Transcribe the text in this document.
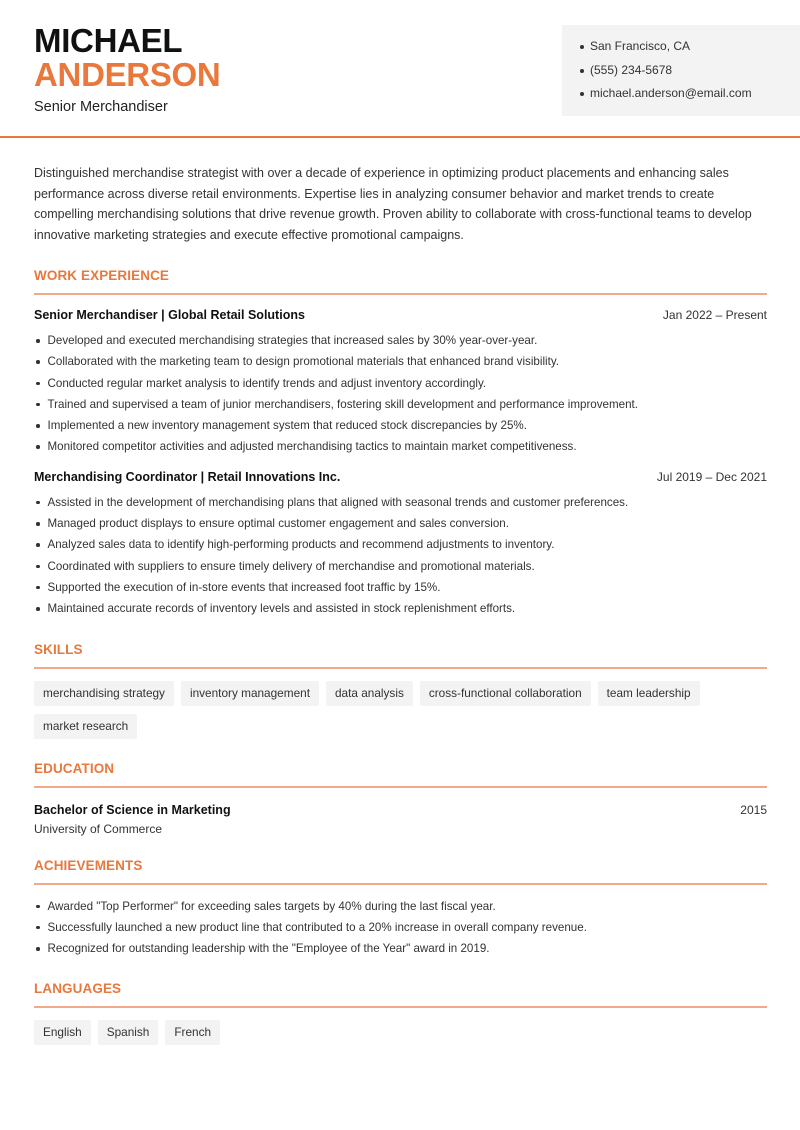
MICHAEL
ANDERSON
Senior Merchandiser
San Francisco, CA
(555) 234-5678
michael.anderson@email.com

Distinguished merchandise strategist with over a decade of experience in optimizing product placements and enhancing sales performance across diverse retail environments. Expertise lies in analyzing consumer behavior and market trends to create compelling merchandising solutions that drive revenue growth. Proven ability to collaborate with cross-functional teams to develop innovative marketing strategies and execute effective promotional campaigns.

WORK EXPERIENCE
Senior Merchandiser | Global Retail Solutions	Jan 2022 – Present
Developed and executed merchandising strategies that increased sales by 30% year-over-year.
Collaborated with the marketing team to design promotional materials that enhanced brand visibility.
Conducted regular market analysis to identify trends and adjust inventory accordingly.
Trained and supervised a team of junior merchandisers, fostering skill development and performance improvement.
Implemented a new inventory management system that reduced stock discrepancies by 25%.
Monitored competitor activities and adjusted merchandising tactics to maintain market competitiveness.
Merchandising Coordinator | Retail Innovations Inc.	Jul 2019 – Dec 2021
Assisted in the development of merchandising plans that aligned with seasonal trends and customer preferences.
Managed product displays to ensure optimal customer engagement and sales conversion.
Analyzed sales data to identify high-performing products and recommend adjustments to inventory.
Coordinated with suppliers to ensure timely delivery of merchandise and promotional materials.
Supported the execution of in-store events that increased foot traffic by 15%.
Maintained accurate records of inventory levels and assisted in stock replenishment efforts.
SKILLS
merchandising strategy	inventory management	data analysis	cross-functional collaboration	team leadership
market research
EDUCATION
Bachelor of Science in Marketing	2015
University of Commerce
ACHIEVEMENTS
Awarded "Top Performer" for exceeding sales targets by 40% during the last fiscal year.
Successfully launched a new product line that contributed to a 20% increase in overall company revenue.
Recognized for outstanding leadership with the "Employee of the Year" award in 2019.
LANGUAGES
English	Spanish	French
